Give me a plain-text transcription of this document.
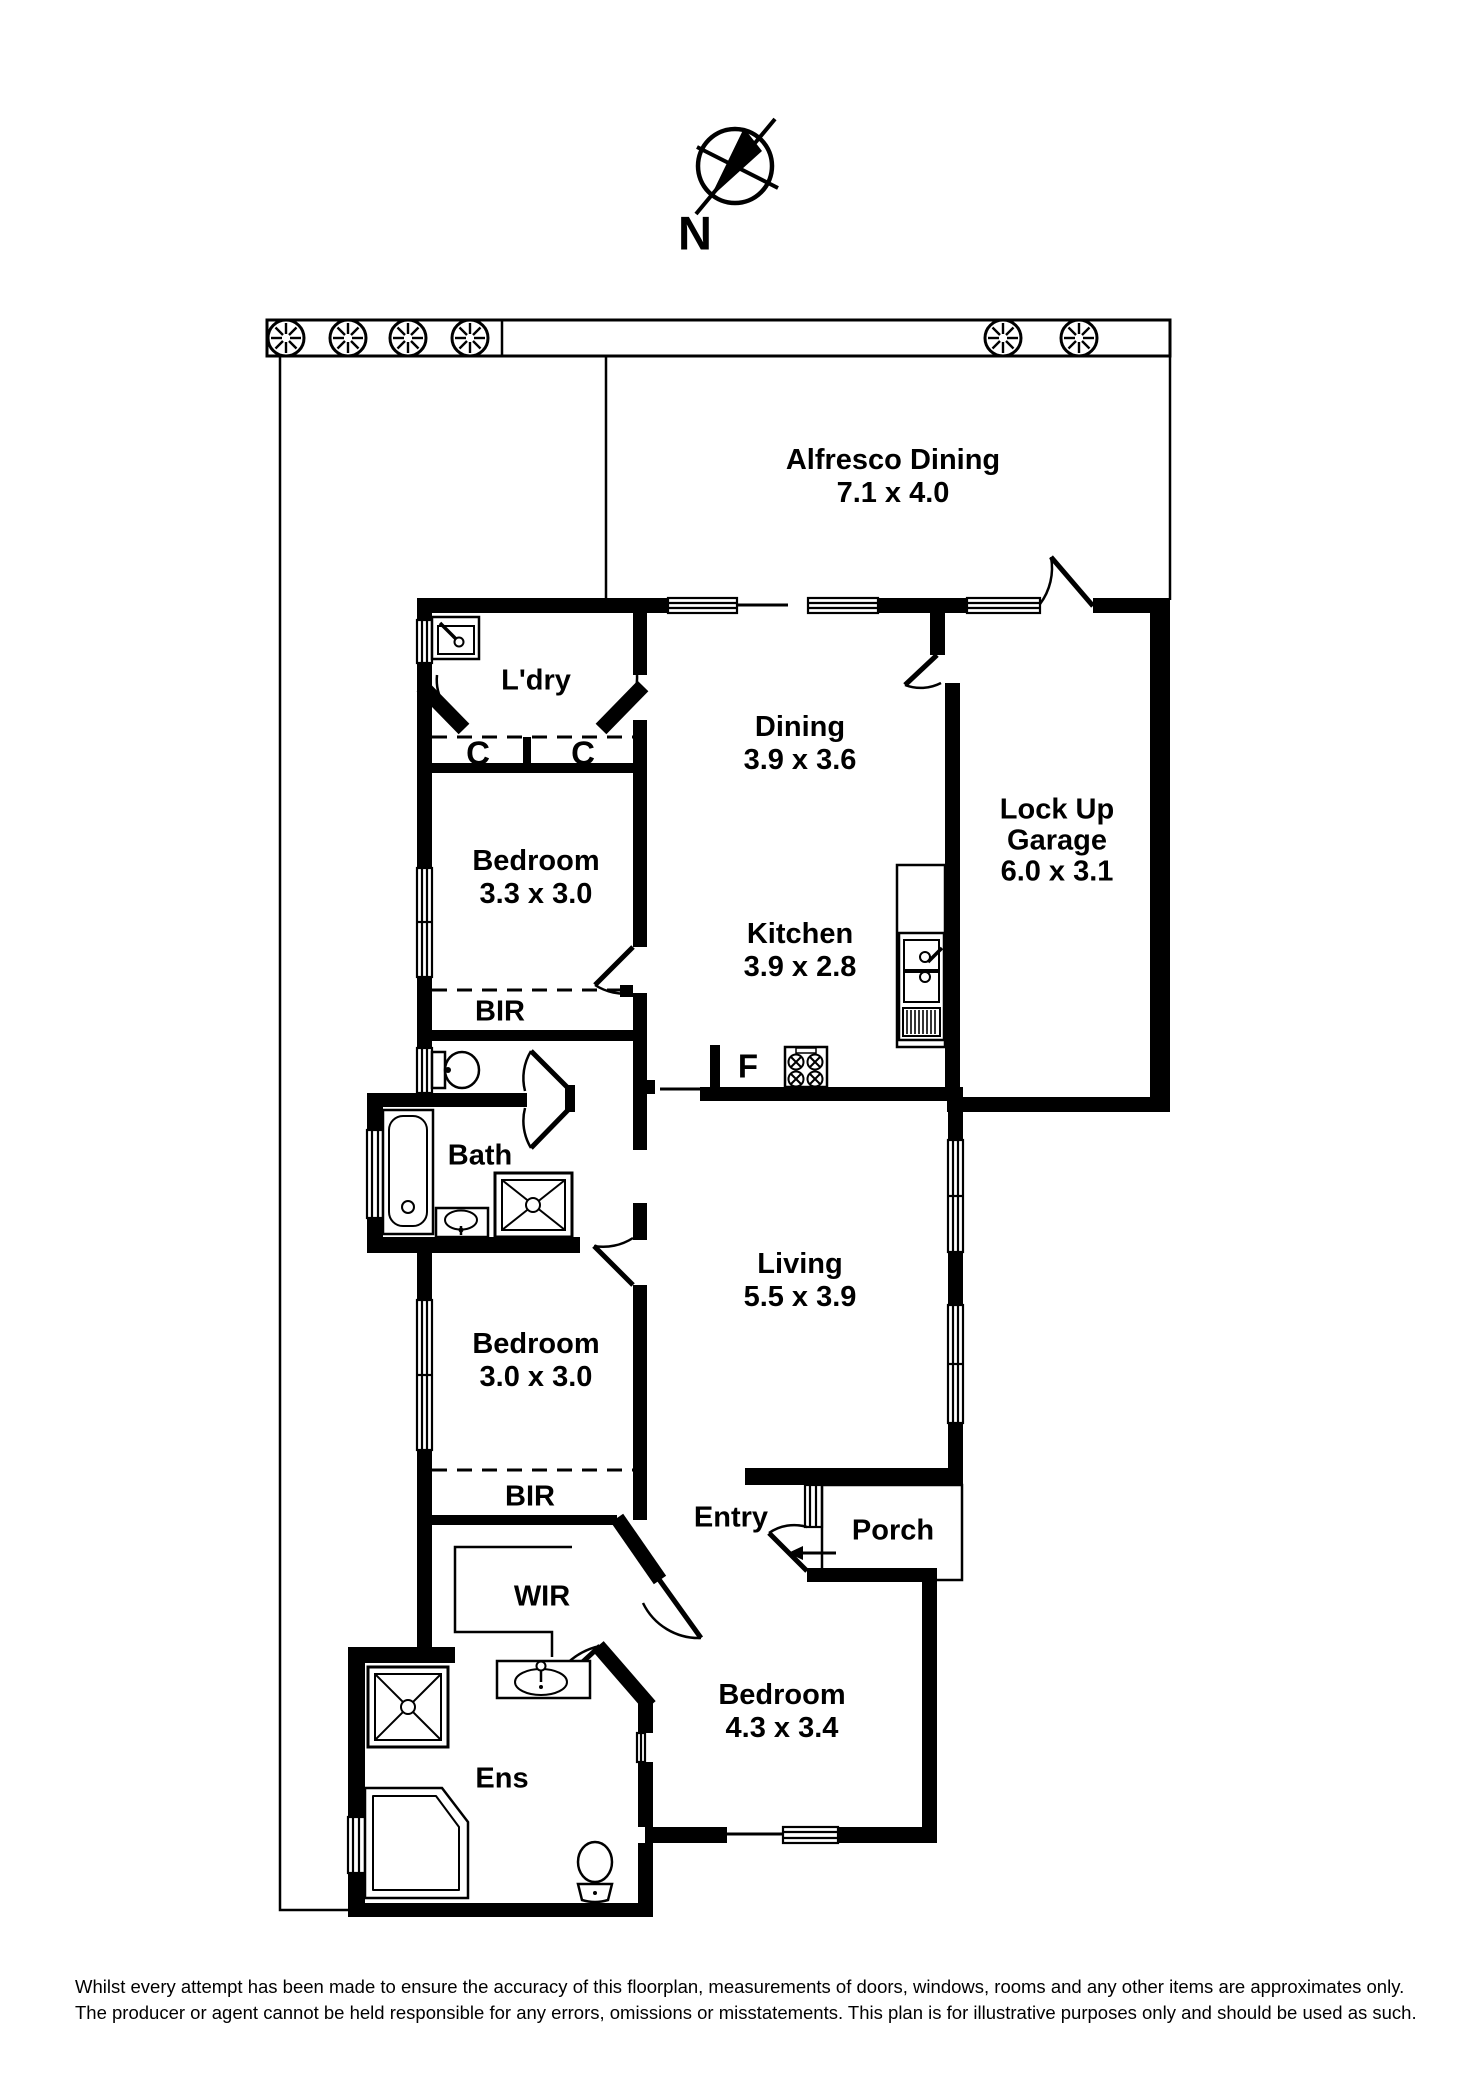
Alfresco Dining
7.1 x 4.0
L'dry
Dining
3.9 x 3.6
Lock Up
Garage
6.0 x 3.1
C C
Bedroom
3.3 x 3.0
Kitchen
3.9 x 2.8
BIR
F
Bath
Living
5.5 x 3.9
Bedroom
3.0 x 3.0
BIR
Entry	Porch
WIR
Bedroom
4.3 x 3.4
Ens
N
Whilst every attempt has been made to ensure the accuracy of this floorplan, measurements of doors, windows, rooms and any other items are approximates only.
The producer or agent cannot be held responsible for any errors, omissions or misstatements. This plan is for illustrative purposes only and should be used as such.
